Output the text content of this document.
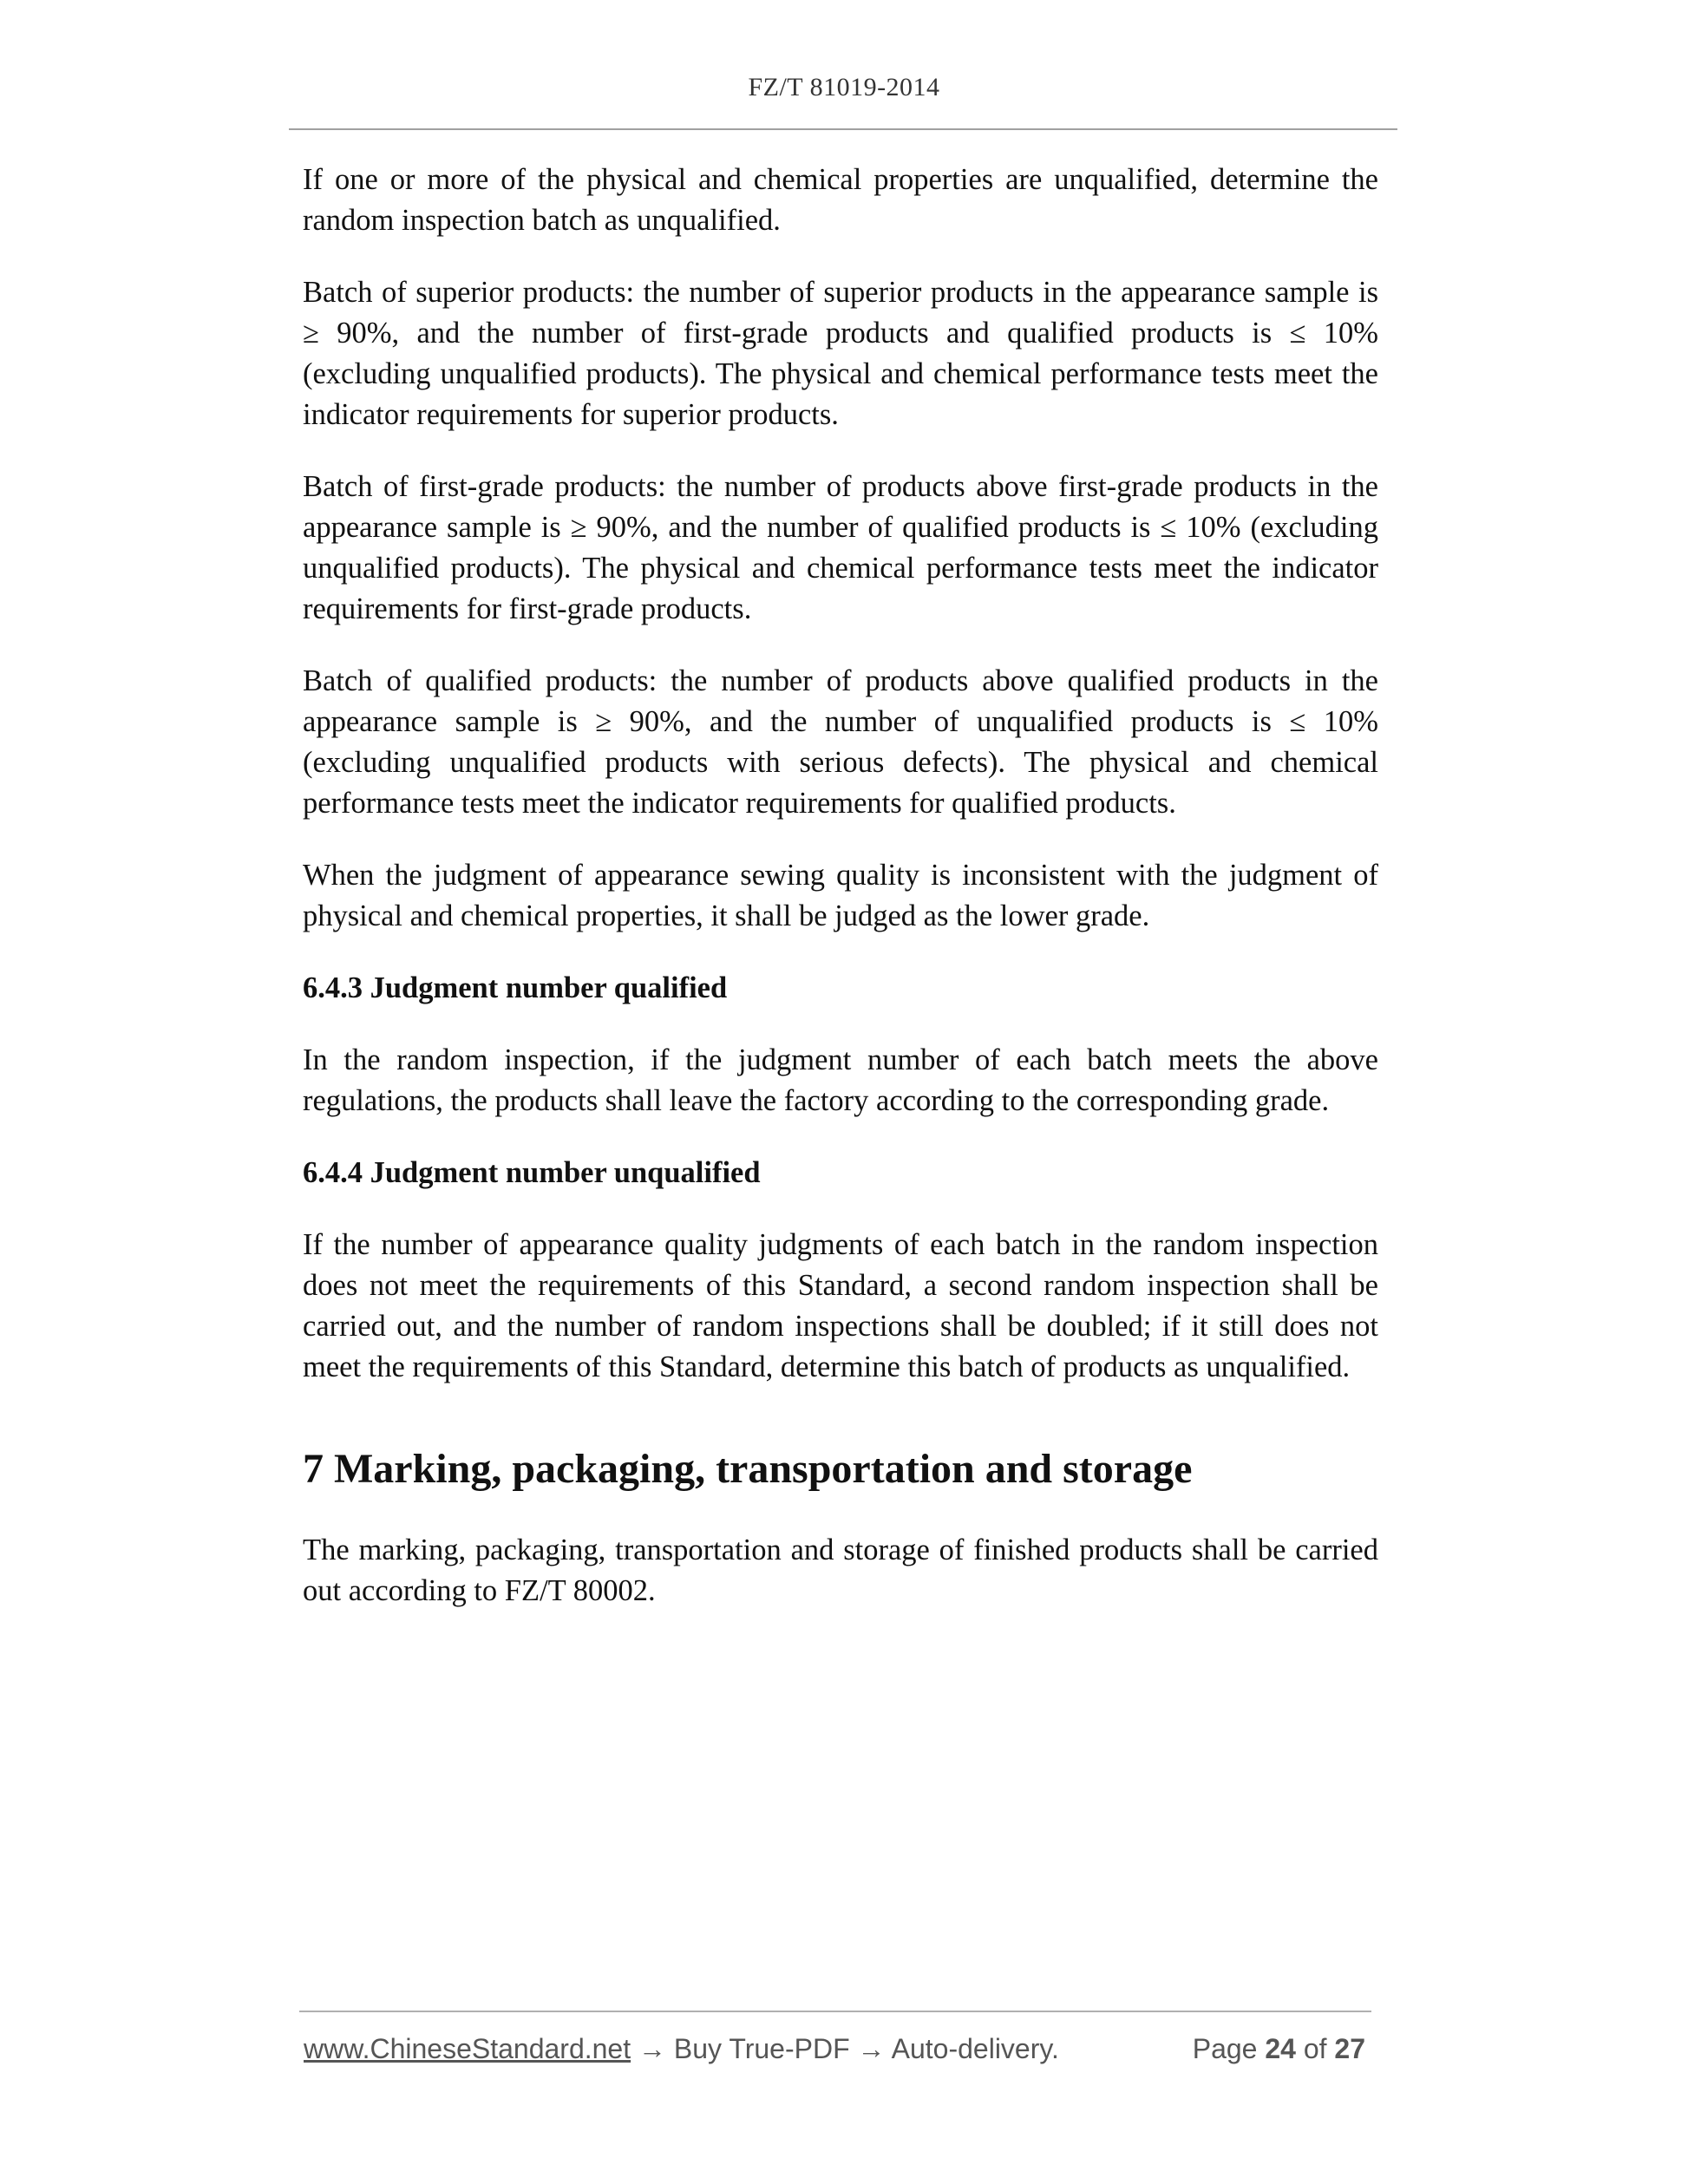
FZ/T 81019-2014

If one or more of the physical and chemical properties are unqualified, determine the random inspection batch as unqualified.

Batch of superior products: the number of superior products in the appearance sample is ≥ 90%, and the number of first-grade products and qualified products is ≤ 10% (excluding unqualified products). The physical and chemical performance tests meet the indicator requirements for superior products.

Batch of first-grade products: the number of products above first-grade products in the appearance sample is ≥ 90%, and the number of qualified products is ≤ 10% (excluding unqualified products). The physical and chemical performance tests meet the indicator requirements for first-grade products.

Batch of qualified products: the number of products above qualified products in the appearance sample is ≥ 90%, and the number of unqualified products is ≤ 10% (excluding unqualified products with serious defects). The physical and chemical performance tests meet the indicator requirements for qualified products.

When the judgment of appearance sewing quality is inconsistent with the judgment of physical and chemical properties, it shall be judged as the lower grade.

6.4.3 Judgment number qualified

In the random inspection, if the judgment number of each batch meets the above regulations, the products shall leave the factory according to the corresponding grade.

6.4.4 Judgment number unqualified

If the number of appearance quality judgments of each batch in the random inspection does not meet the requirements of this Standard, a second random inspection shall be carried out, and the number of random inspections shall be doubled; if it still does not meet the requirements of this Standard, determine this batch of products as unqualified.

7 Marking, packaging, transportation and storage

The marking, packaging, transportation and storage of finished products shall be carried out according to FZ/T 80002.

www.ChineseStandard.net → Buy True-PDF → Auto-delivery.	Page 24 of 27
